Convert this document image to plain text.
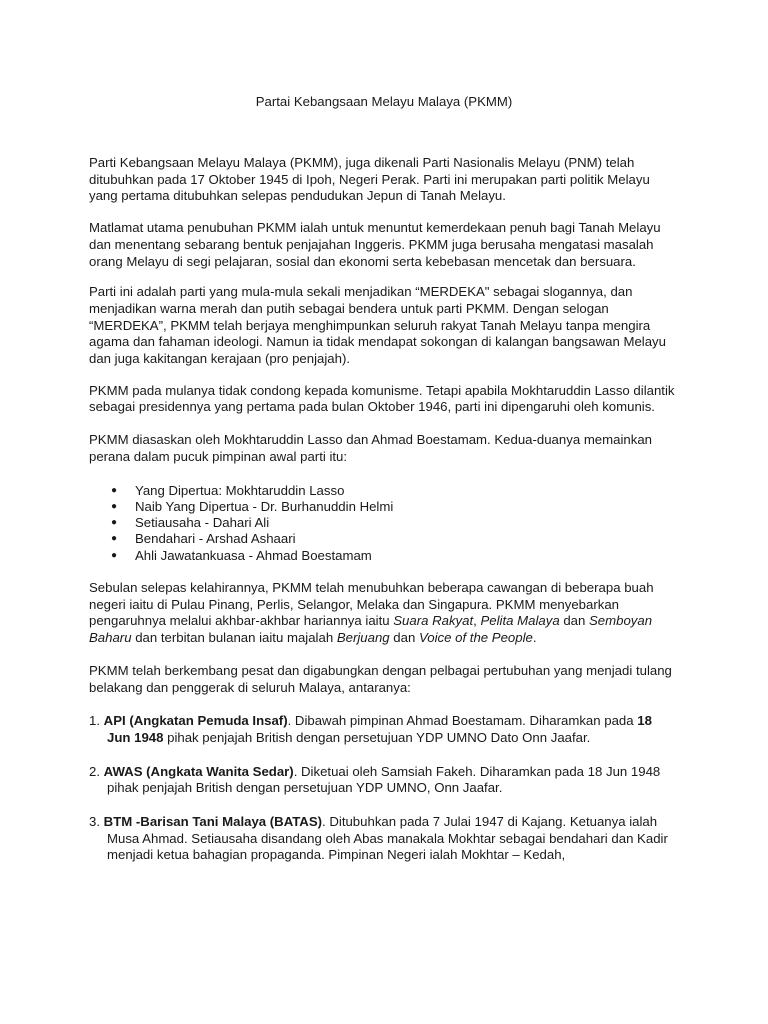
Partai Kebangsaan Melayu Malaya (PKMM)

Parti Kebangsaan Melayu Malaya (PKMM), juga dikenali Parti Nasionalis Melayu (PNM) telah ditubuhkan pada 17 Oktober 1945 di Ipoh, Negeri Perak. Parti ini merupakan parti politik Melayu yang pertama ditubuhkan selepas pendudukan Jepun di Tanah Melayu.

Matlamat utama penubuhan PKMM ialah untuk menuntut kemerdekaan penuh bagi Tanah Melayu dan menentang sebarang bentuk penjajahan Inggeris. PKMM juga berusaha mengatasi masalah orang Melayu di segi pelajaran, sosial dan ekonomi serta kebebasan mencetak dan bersuara.

Parti ini adalah parti yang mula-mula sekali menjadikan “MERDEKA" sebagai slogannya, dan menjadikan warna merah dan putih sebagai bendera untuk parti PKMM. Dengan selogan “MERDEKA”, PKMM telah berjaya menghimpunkan seluruh rakyat Tanah Melayu tanpa mengira agama dan fahaman ideologi. Namun ia tidak mendapat sokongan di kalangan bangsawan Melayu dan juga kakitangan kerajaan (pro penjajah).

PKMM pada mulanya tidak condong kepada komunisme. Tetapi apabila Mokhtaruddin Lasso dilantik sebagai presidennya yang pertama pada bulan Oktober 1946, parti ini dipengaruhi oleh komunis.

PKMM diasaskan oleh Mokhtaruddin Lasso dan Ahmad Boestamam. Kedua-duanya memainkan perana dalam pucuk pimpinan awal parti itu:

● Yang Dipertua: Mokhtaruddin Lasso
● Naib Yang Dipertua - Dr. Burhanuddin Helmi
● Setiausaha - Dahari Ali
● Bendahari - Arshad Ashaari
● Ahli Jawatankuasa - Ahmad Boestamam

Sebulan selepas kelahirannya, PKMM telah menubuhkan beberapa cawangan di beberapa buah negeri iaitu di Pulau Pinang, Perlis, Selangor, Melaka dan Singapura. PKMM menyebarkan pengaruhnya melalui akhbar-akhbar hariannya iaitu Suara Rakyat, Pelita Malaya dan Semboyan Baharu dan terbitan bulanan iaitu majalah Berjuang dan Voice of the People.

PKMM telah berkembang pesat dan digabungkan dengan pelbagai pertubuhan yang menjadi tulang belakang dan penggerak di seluruh Malaya, antaranya:

1. API (Angkatan Pemuda Insaf). Dibawah pimpinan Ahmad Boestamam. Diharamkan pada 18 Jun 1948 pihak penjajah British dengan persetujuan YDP UMNO Dato Onn Jaafar.

2. AWAS (Angkata Wanita Sedar). Diketuai oleh Samsiah Fakeh. Diharamkan pada 18 Jun 1948 pihak penjajah British dengan persetujuan YDP UMNO, Onn Jaafar.

3. BTM -Barisan Tani Malaya (BATAS). Ditubuhkan pada 7 Julai 1947 di Kajang. Ketuanya ialah Musa Ahmad. Setiausaha disandang oleh Abas manakala Mokhtar sebagai bendahari dan Kadir menjadi ketua bahagian propaganda. Pimpinan Negeri ialah Mokhtar – Kedah,
